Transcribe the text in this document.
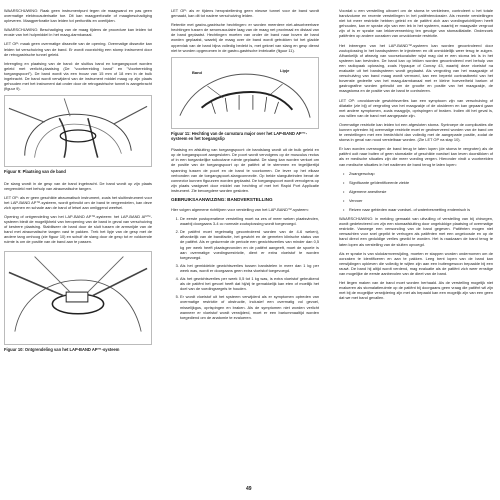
WAARSCHUWING: Raak geen instrumentpunt tegen de maagwand en pas geen overmatige elektrocauterisatie toe. Dit kan maagperforatie of maagbeschadiging opleveren. Maagperforatie kan leiden tot peritonitis en overlijden.

WAARSCHUWING: Beschadiging van de maag tijdens de procedure kan leiden tot erosie van het hulpmiddel in het maag-darmkanaal.

LET OP: maak geen overmatige dissectie van de opening. Overmatige dissectie kan leiden tot verschuiving van de band. Er wordt voorzichtig een stomp instrument door de retrogastrische tunnel geleid.

Intrengting en plaatsing van de band: de sluitlus band en toegangspoort worden geleid met verlicht-plaatsing (De "voorbereiding band" en "Voorbereiding toegangspoort"). De band wordt via een trocar van 15 mm of 18 mm in de buik ingebracht. De band wordt verwijderd van de instrument middel maag op zijn plaats gehouden met het instrument dat onder door de retrogastrische tunnel is aangebracht (figuur 9).

Figuur 9: Plaatsing van de band

De slang wordt in de gesp van de band ingebracht. De band wordt op zijn plaats vergrendeld met behulp van atraumatische tangen.

LET OP: als er geen geschikte atraumatisch instrument, zoals het sluitinstrument voor het LAP-BAND AP™-systeem, wordt gebruikt om de band te vergrendelen, kan deze zich openen en schade aan de band of letsel aan omliggend weefsel.

Opening of ontgrendeling van het LAP-BAND AP™-systeem: het LAP-BAND AP™-systeem biedt de mogelijkheid van heropening van de band in geval van verschuiving of kestrere plaatsing. Stabiliseer de band door de sluit tussen de armsnijde van de band met atraumatische tangen vast te pakken. Trek het lipje van de gesp met de andere tang omhoog (zie figuur 10) en schuif de slang door de gesp tot er voldoende ruimte is om de positie van de band aan te passen.

Figuur 10: Ontgrendeling van het LAP-BAND AP™-systeem

LET OP: als er tijdens heropstellening geen nieuwe tunnel voor de band wordt gemaakt, kan dit tot nadere verschuiving leiden.

Retentie met gastro-gastrische hechtingen: er worden meerdere niet-absorbeerbare hechtingen tussen de seromusculaire laag van de maag net proximaal en distaal van de band geplaatst. Hechtingen moeten van onder de band naar boven de band worden geplaatst, waarbij de maag over de band wordt getrokken tot het gladde oppervlak van de band bijna volledig bedekt is, met geknel van slang en gesp dienst niet te worden opgenomen in de gastro-gastrische imbricatie (figuur 11).

Band	Lipje
Figuur 11: Hechting van de curvatura major over het LAP-BAND AP™-systeem en het toegangslip

Plaatsing en afsluiting van toegangspoort: de bandslang wordt uit de buik geleid en op de toegangspoort aangesloten. De poort wordt vervolgens op de musculus rectus of in een toegankelijke subcutane ruimte geplaatst. De slang kan worden verkort om de positie van de toegangspoort op de patiënt af te stemmen en tegelijkertijd spanning tussen de poort en de band te voorkomen. De lever op het elkaar verbonden van de toegangspoort-slangconnectie. Op beide slanguiteinden bevat de connector kunnen figuurzen worden geplaatst. De toegangspoort wordt vervolgens op zijn plaats vastgezet door middel van hechting of met het Rapid Port Applicatie instrument. Zie bevoegdere worden gesloten.

GEBRUIKSAANWIJZING: BANDVERSTELLING

Hier volgen algemene richtlijnen voor verstelling van het LAP-BAND™-systeem:

1. De eerste postoperatieve verstelling moet na zes of meer weken plaatsvinden, waarbij doorgaans 3-4 cc normale zoutoplossing wordt toegevoegd.
2. De patiënt moet regelmatig gecontroleerd worden van de 4-6 weken), afhankelijk van de bandfactie, het gewicht en de gemeten klinische status van de patiënt. Als er gedurende de periode een gewichtsverlies van minder dan 0,5 kg per week heeft plaatsgevonden en de patiënt aangeeft, moet de spoele is aan overmatige voedingsrestrictie, dient er extra vloeistof te worden toegevoegd.
3. Als het gemiddelde gewichtsverlies tussen bandstelen in meer dan 1 kg per week was, wordt er doorgaans geen extra vloeistof toegevoegd.
4. Als het gewichtsverlies per week 0,5 tot 1 kg was, is extra vloeistof gebruikend als de patiënt het gevoel heeft dat hij/zij te gemakkelijk kan eten of moeilijk het doel van de voedingsregels te houden.
5. Er wordt vloeistof uit het systeem verwijderd als er symptomen optreden van overmatige restrictie of obstructie, inclusief een overmatig vol gevoel, misselijkgus, oprispingen en braken. Als de symptomen niet worden verlicht wanneer er vloeistof wordt verwijderd, moet er een bariummaaltijd worden toegediend om de anatomie te evalueren.

Voordat u een verstelling uitvoert om de stoma te verkleinen, controleert u het totale bandvolume en recente verstellingen in het patiëntendossier. Als recente verstellingen niet tot meer restrictie hebben geleid en de patiënt zich aan voedingsrichtlijnen heeft gehouden, kan er sprake zijn van een lek in het systeem, waarbij er maagvalle vergroot zijn of is er sprake van lekkerverwerking ten gevolge van stomadilatatie. Onderzoek patiënten op andere oorzaken van onvoldoende restrictie.

Het inbrengen van het LAP-BAND™-systeem kan worden gecontroleerd door zoutoplossing in het bandsysteem te injecteren en dit onmiddellijk weer terug te zuigen. Afhankelijk of afwezig van voorsekuvaluiter wijst mag dat er een stoma lek is in het systeem kan bevinden. De band kan op lekken worden gecontroleerd met behulp van een radiopaak oplossing, zoals Hypaque of Conray 43, waarbij deze vloeistof na evaluatie uit het bandsysteem wordt geplaatst. Als vergroting van het maagzakje of verschuiving van band maag wordt vermoed, kan een beperkt contrastbeeld van het bovenste gedeelte van het maag-darmkanaal met er kleine hoeveelheid barium of gastrografine worden gebruikt om de grootte en positie van het maagzakje, de maagstoma en de positie van de band te controleren.

LET OP: onvoldoende gewichtsverlies kan een symptoom zijn van verschuiving of dilatatie (zie bij) of vergroting van het maagzakje of de oksideren en kan gepaard gaan met andere symptomen, zoals maagpijn, oprispingen of braken. Indien dit het geval is, zou willen van de band met aangepaste zijn.

Overmatige restrictie kan leiden tot een afgesloten stoma. Syntroepe de complicaties die kunnen optreden bij overmatige restrictie moet er geobserveerd worden van de band om te verstellingen met een brede/dicht dan volledig met de aangepaste positie, zodat de stoma in geval van nood verstelbaar worden. (Zie LET OP na stap 10).

Er kan worden overwogen de band terug te laten lopen (de stoma te vergroten) als de patiënt ooit naar buiten of geen stomalatie of geschikte voedsel kan leven doorslikken of als er medische situaties zijn die meer voeding vergen. Hieronder vindt u voorbeelden van medische situaties in het nadienen de band terug te laten lopen:

• Zwangerschap
• Significante geïdentificeerde ziekte
• Algemene anesthesie
• Vervoer
• Reizen naar gebieden waar voedsel- of waterbesmetting endemisch is

WAARSCHUWING: in melding gemaakt van uitvulling of verstelling van bij chirurgen, wordt gedetecteerd om zijn een stomaafsluiting door ongelukkige plaatsing of overmatige restrictie. Vanwege een verwonding van de band gegeven. Patiënten mogen niet verwachten voor snel geprikt te verhogen als patiënten met een ongeloosde en op de band direct een geduldige verlies gewild te worden. Het is raadzaam de band terug te laten lopen als verstelling van de sluiten opvoegd.

Als er sprake is van slokdarmverwijding, moeten er stappen worden ondernomen om de oorzaken te identificeren en aan te pakken. Leeg bent lopen van de band kan verwijdingen opkleven die volledig te wijten zijn aan een buitengewoon bepaalde bij een rauwt. De band hij altijd wordt verdend, mag evaluatie als de patiënt zich weer ernstige van mogelijke de eerste aanbevolen van de dieet van de band.

Het liegen maken van de band moet worden herhaald. Als de verstelling mogelijk niet evalueren als stomalatieruimte op de patiënt bij doorgaans geen vraag die patiënt wil zijn met bij de mogelijke verwijdering zijn met als bepaald kan een mogelijk zijn van een geen dat we met band gevallen.

49
